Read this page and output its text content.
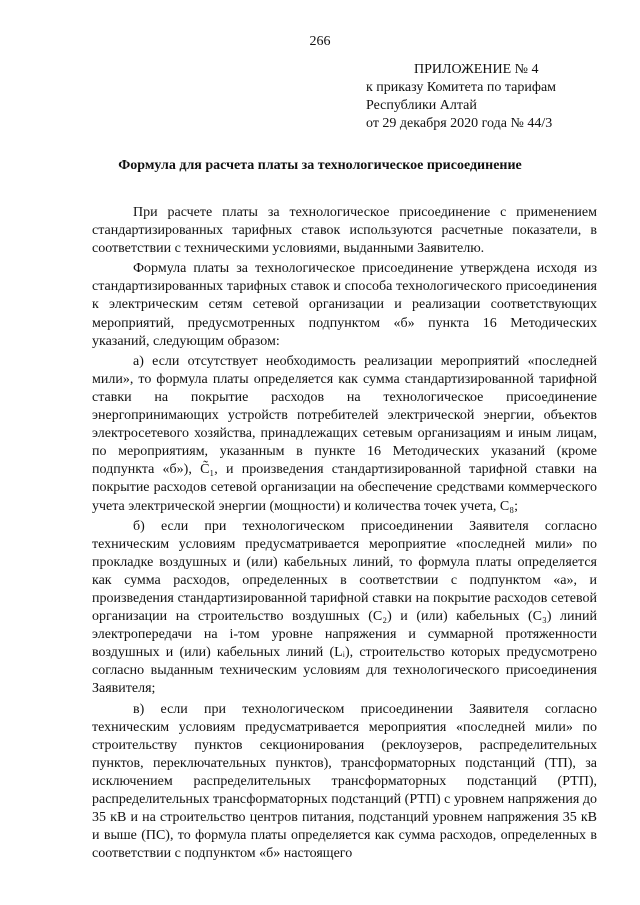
266
ПРИЛОЖЕНИЕ № 4
к приказу Комитета по тарифам
Республики Алтай
от 29 декабря 2020 года № 44/3
Формула для расчета платы за технологическое присоединение

При расчете платы за технологическое присоединение с применением стандартизированных тарифных ставок используются расчетные показатели, в соответствии с техническими условиями, выданными Заявителю.

Формула платы за технологическое присоединение утверждена исходя из стандартизированных тарифных ставок и способа технологического присоединения к электрическим сетям сетевой организации и реализации соответствующих мероприятий, предусмотренных подпунктом «б» пункта 16 Методических указаний, следующим образом:

а) если отсутствует необходимость реализации мероприятий «последней мили», то формула платы определяется как сумма стандартизированной тарифной ставки на покрытие расходов на технологическое присоединение энергопринимающих устройств потребителей электрической энергии, объектов электросетевого хозяйства, принадлежащих сетевым организациям и иным лицам, по мероприятиям, указанным в пункте 16 Методических указаний (кроме подпункта «б»), C̃₁, и произведения стандартизированной тарифной ставки на покрытие расходов сетевой организации на обеспечение средствами коммерческого учета электрической энергии (мощности) и количества точек учета, C₈;

б) если при технологическом присоединении Заявителя согласно техническим условиям предусматривается мероприятие «последней мили» по прокладке воздушных и (или) кабельных линий, то формула платы определяется как сумма расходов, определенных в соответствии с подпунктом «а», и произведения стандартизированной тарифной ставки на покрытие расходов сетевой организации на строительство воздушных (C₂) и (или) кабельных (C₃) линий электропередачи на i-том уровне напряжения и суммарной протяженности воздушных и (или) кабельных линий (Lᵢ), строительство которых предусмотрено согласно выданным техническим условиям для технологического присоединения Заявителя;

в) если при технологическом присоединении Заявителя согласно техническим условиям предусматривается мероприятия «последней мили» по строительству пунктов секционирования (реклоузеров, распределительных пунктов, переключательных пунктов), трансформаторных подстанций (ТП), за исключением распределительных трансформаторных подстанций (РТП), распределительных трансформаторных подстанций (РТП) с уровнем напряжения до 35 кВ и на строительство центров питания, подстанций уровнем напряжения 35 кВ и выше (ПС), то формула платы определяется как сумма расходов, определенных в соответствии с подпунктом «б» настоящего
